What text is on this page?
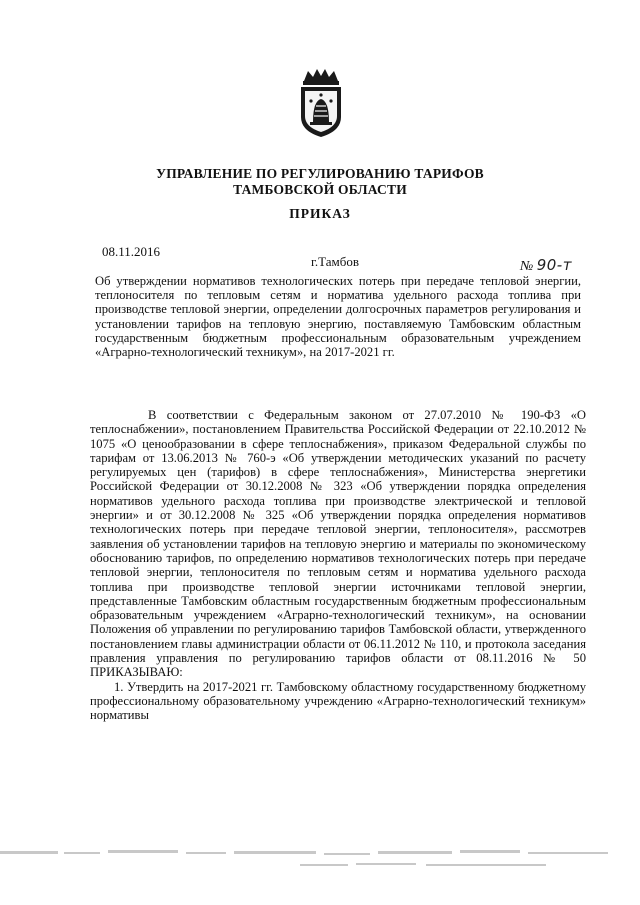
УПРАВЛЕНИЕ ПО РЕГУЛИРОВАНИЮ ТАРИФОВ
ТАМБОВСКОЙ ОБЛАСТИ
ПРИКАЗ
08.11.2016
г.Тамбов	№ 90-т
Об утверждении нормативов технологических потерь при передаче тепловой энергии, теплоносителя по тепловым сетям и норматива удельного расхода топлива при производстве тепловой энергии, определении долгосрочных параметров регулирования и установлении тарифов на тепловую энергию, поставляемую Тамбовским областным государственным бюджетным профессиональным образовательным учреждением «Аграрно-технологический техникум», на 2017-2021 гг.

В соответствии с Федеральным законом от 27.07.2010 № 190-ФЗ «О теплоснабжении», постановлением Правительства Российской Федерации от 22.10.2012 № 1075 «О ценообразовании в сфере теплоснабжения», приказом Федеральной службы по тарифам от 13.06.2013 № 760-э «Об утверждении методических указаний по расчету регулируемых цен (тарифов) в сфере теплоснабжения», Министерства энергетики Российской Федерации от 30.12.2008 № 323 «Об утверждении порядка определения нормативов удельного расхода топлива при производстве электрической и тепловой энергии» и от 30.12.2008 № 325 «Об утверждении порядка определения нормативов технологических потерь при передаче тепловой энергии, теплоносителя», рассмотрев заявления об установлении тарифов на тепловую энергию и материалы по экономическому обоснованию тарифов, по определению нормативов технологических потерь при передаче тепловой энергии, теплоносителя по тепловым сетям и норматива удельного расхода топлива при производстве тепловой энергии источниками тепловой энергии, представленные Тамбовским областным государственным бюджетным профессиональным образовательным учреждением «Аграрно-технологический техникум», на основании Положения об управлении по регулированию тарифов Тамбовской области, утвержденного постановлением главы администрации области от 06.11.2012 № 110, и протокола заседания правления управления по регулированию тарифов области от 08.11.2016 № 50 ПРИКАЗЫВАЮ:

1. Утвердить на 2017-2021 гг. Тамбовскому областному государственному бюджетному профессиональному образовательному учреждению «Аграрно-технологический техникум» нормативы
